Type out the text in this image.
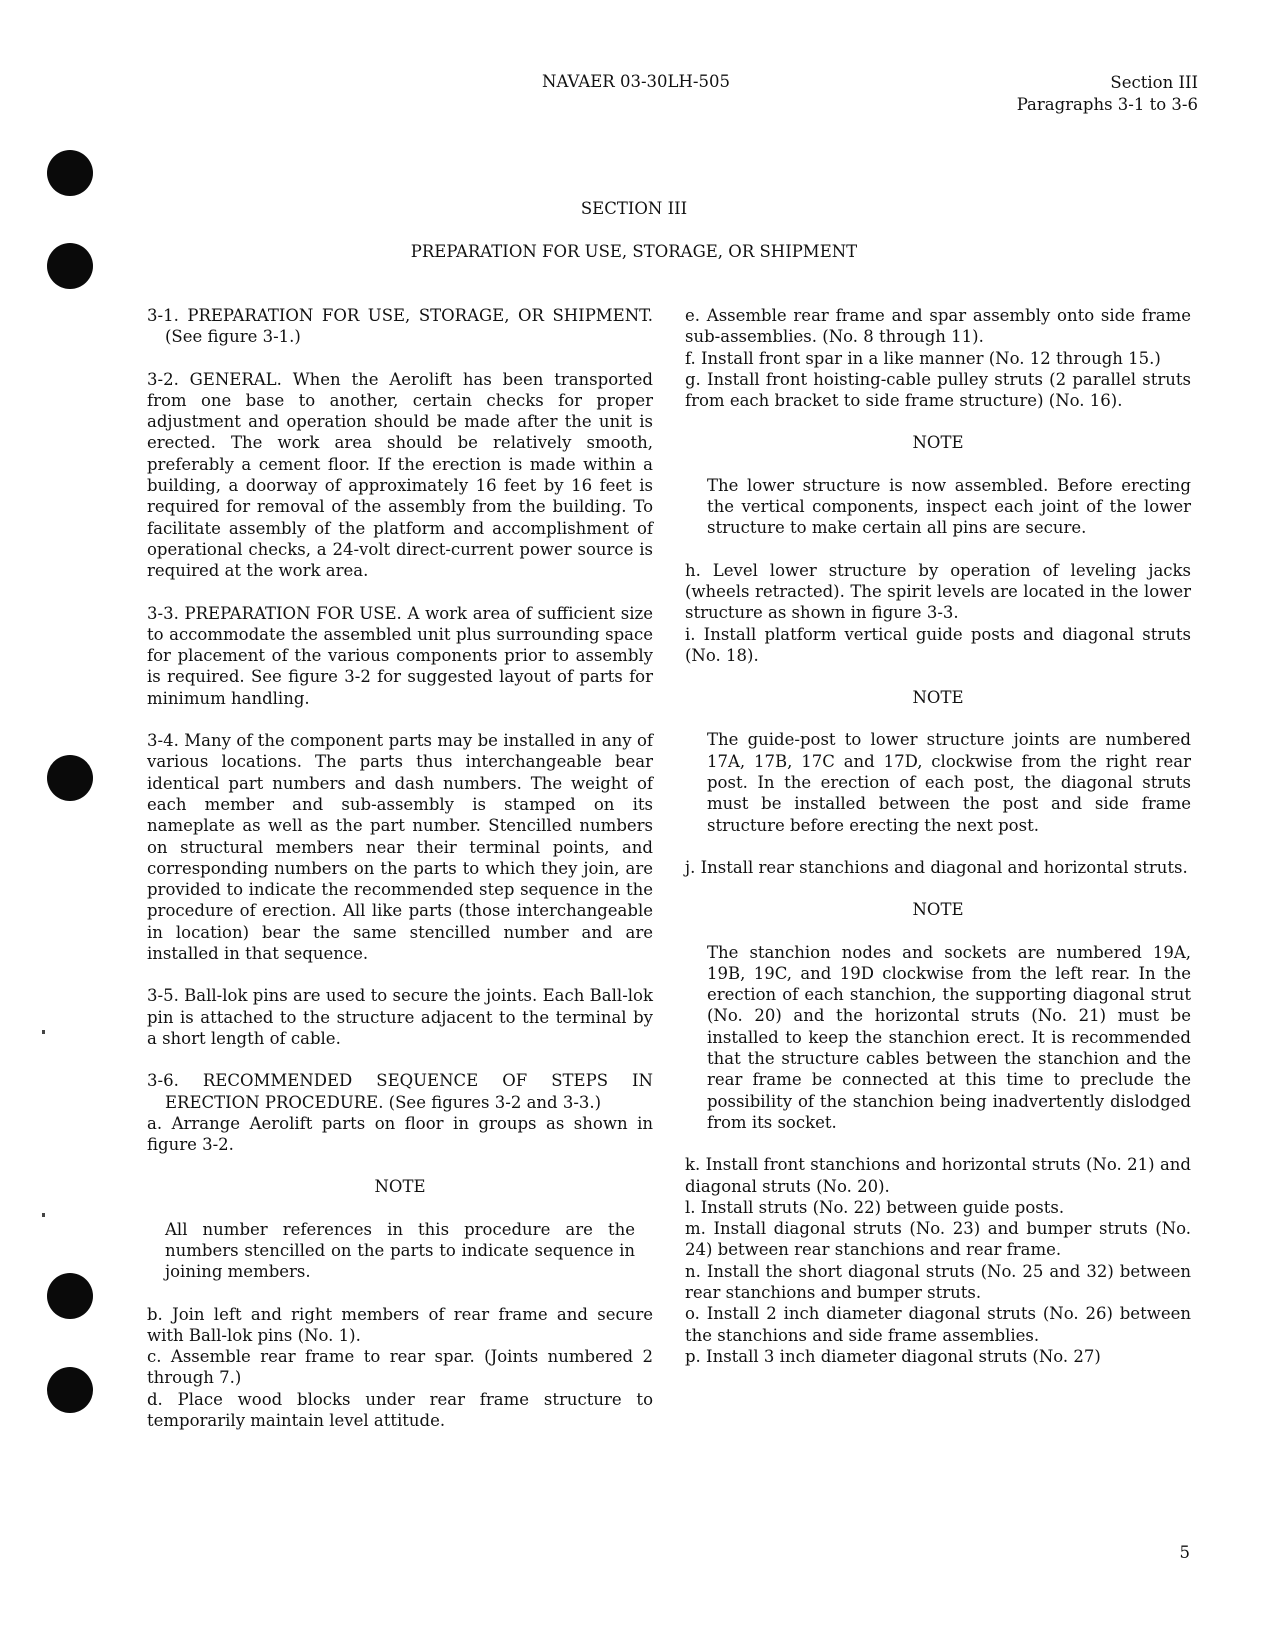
NAVAER 03-30LH-505	Section III
Paragraphs 3-1 to 3-6
SECTION III
PREPARATION FOR USE, STORAGE, OR SHIPMENT

3-1. PREPARATION FOR USE, STORAGE, OR SHIPMENT. (See figure 3-1.)

3-2. GENERAL. When the Aerolift has been transported from one base to another, certain checks for proper adjustment and operation should be made after the unit is erected. The work area should be relatively smooth, preferably a cement floor. If the erection is made within a building, a doorway of approximately 16 feet by 16 feet is required for removal of the assembly from the building. To facilitate assembly of the platform and accomplishment of operational checks, a 24-volt direct-current power source is required at the work area.

3-3. PREPARATION FOR USE. A work area of sufficient size to accommodate the assembled unit plus surrounding space for placement of the various components prior to assembly is required. See figure 3-2 for suggested layout of parts for minimum handling.

3-4. Many of the component parts may be installed in any of various locations. The parts thus interchangeable bear identical part numbers and dash numbers. The weight of each member and sub-assembly is stamped on its nameplate as well as the part number. Stencilled numbers on structural members near their terminal points, and corresponding numbers on the parts to which they join, are provided to indicate the recommended step sequence in the procedure of erection. All like parts (those interchangeable in location) bear the same stencilled number and are installed in that sequence.

3-5. Ball-lok pins are used to secure the joints. Each Ball-lok pin is attached to the structure adjacent to the terminal by a short length of cable.

3-6. RECOMMENDED SEQUENCE OF STEPS IN ERECTION PROCEDURE. (See figures 3-2 and 3-3.)

a. Arrange Aerolift parts on floor in groups as shown in figure 3-2.

NOTE

All number references in this procedure are the numbers stencilled on the parts to indicate sequence in joining members.

b. Join left and right members of rear frame and secure with Ball-lok pins (No. 1).

c. Assemble rear frame to rear spar. (Joints numbered 2 through 7.)

d. Place wood blocks under rear frame structure to temporarily maintain level attitude.

e. Assemble rear frame and spar assembly onto side frame sub-assemblies. (No. 8 through 11).

f. Install front spar in a like manner (No. 12 through 15.)

g. Install front hoisting-cable pulley struts (2 parallel struts from each bracket to side frame structure) (No. 16).

NOTE

The lower structure is now assembled. Before erecting the vertical components, inspect each joint of the lower structure to make certain all pins are secure.

h. Level lower structure by operation of leveling jacks (wheels retracted). The spirit levels are located in the lower structure as shown in figure 3-3.

i. Install platform vertical guide posts and diagonal struts (No. 18).

NOTE

The guide-post to lower structure joints are numbered 17A, 17B, 17C and 17D, clockwise from the right rear post. In the erection of each post, the diagonal struts must be installed between the post and side frame structure before erecting the next post.

j. Install rear stanchions and diagonal and horizontal struts.

NOTE

The stanchion nodes and sockets are numbered 19A, 19B, 19C, and 19D clockwise from the left rear. In the erection of each stanchion, the supporting diagonal strut (No. 20) and the horizontal struts (No. 21) must be installed to keep the stanchion erect. It is recommended that the structure cables between the stanchion and the rear frame be connected at this time to preclude the possibility of the stanchion being inadvertently dislodged from its socket.

k. Install front stanchions and horizontal struts (No. 21) and diagonal struts (No. 20).

l. Install struts (No. 22) between guide posts.

m. Install diagonal struts (No. 23) and bumper struts (No. 24) between rear stanchions and rear frame.

n. Install the short diagonal struts (No. 25 and 32) between rear stanchions and bumper struts.

o. Install 2 inch diameter diagonal struts (No. 26) between the stanchions and side frame assemblies.

p. Install 3 inch diameter diagonal struts (No. 27)

5
